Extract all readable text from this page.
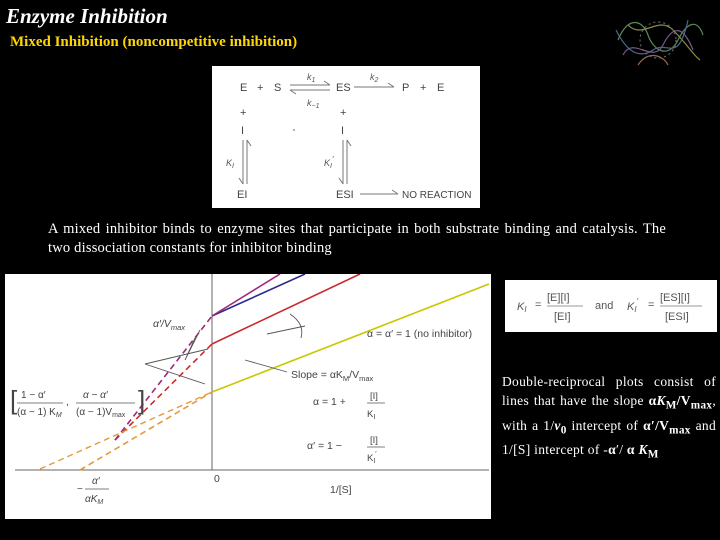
Enzyme Inhibition
Mixed Inhibition (noncompetitive inhibition)
E + S	ES	P + E
+	+
I	I
EI	ESI	NO REACTION
$k_1$
$k_{-1}$
$k_2$
$K_I$	$K_I'$
A mixed inhibitor binds to enzyme sites that participate in both substrate binding and catalysis. The two dissociation constants for inhibitor binding
KI =
[E][I]
[EI]
and KI′ =
[ES][I]
[ESI]
$\alpha'/V_{max}$
α = α′ = 1 (no inhibitor)
Slope = $\alpha K_M/V_{max}$
α = 1 +	[I]
$K_I$
α′ = 1 −	[I]
$K_I'$
0
1/[S]
[ 1 − α′
(α − 1) $K_M$
,
α − α′
$(\alpha - 1)V_{max}$
]
−
α′
$\alpha K_M$
Double-reciprocal plots consist of lines that have the slope $\alpha K_M/V_{max}$, with a $1/v_0$ intercept of $\alpha'/V_{max}$ and 1/[S] intercept of -α′/ α $K_M$
